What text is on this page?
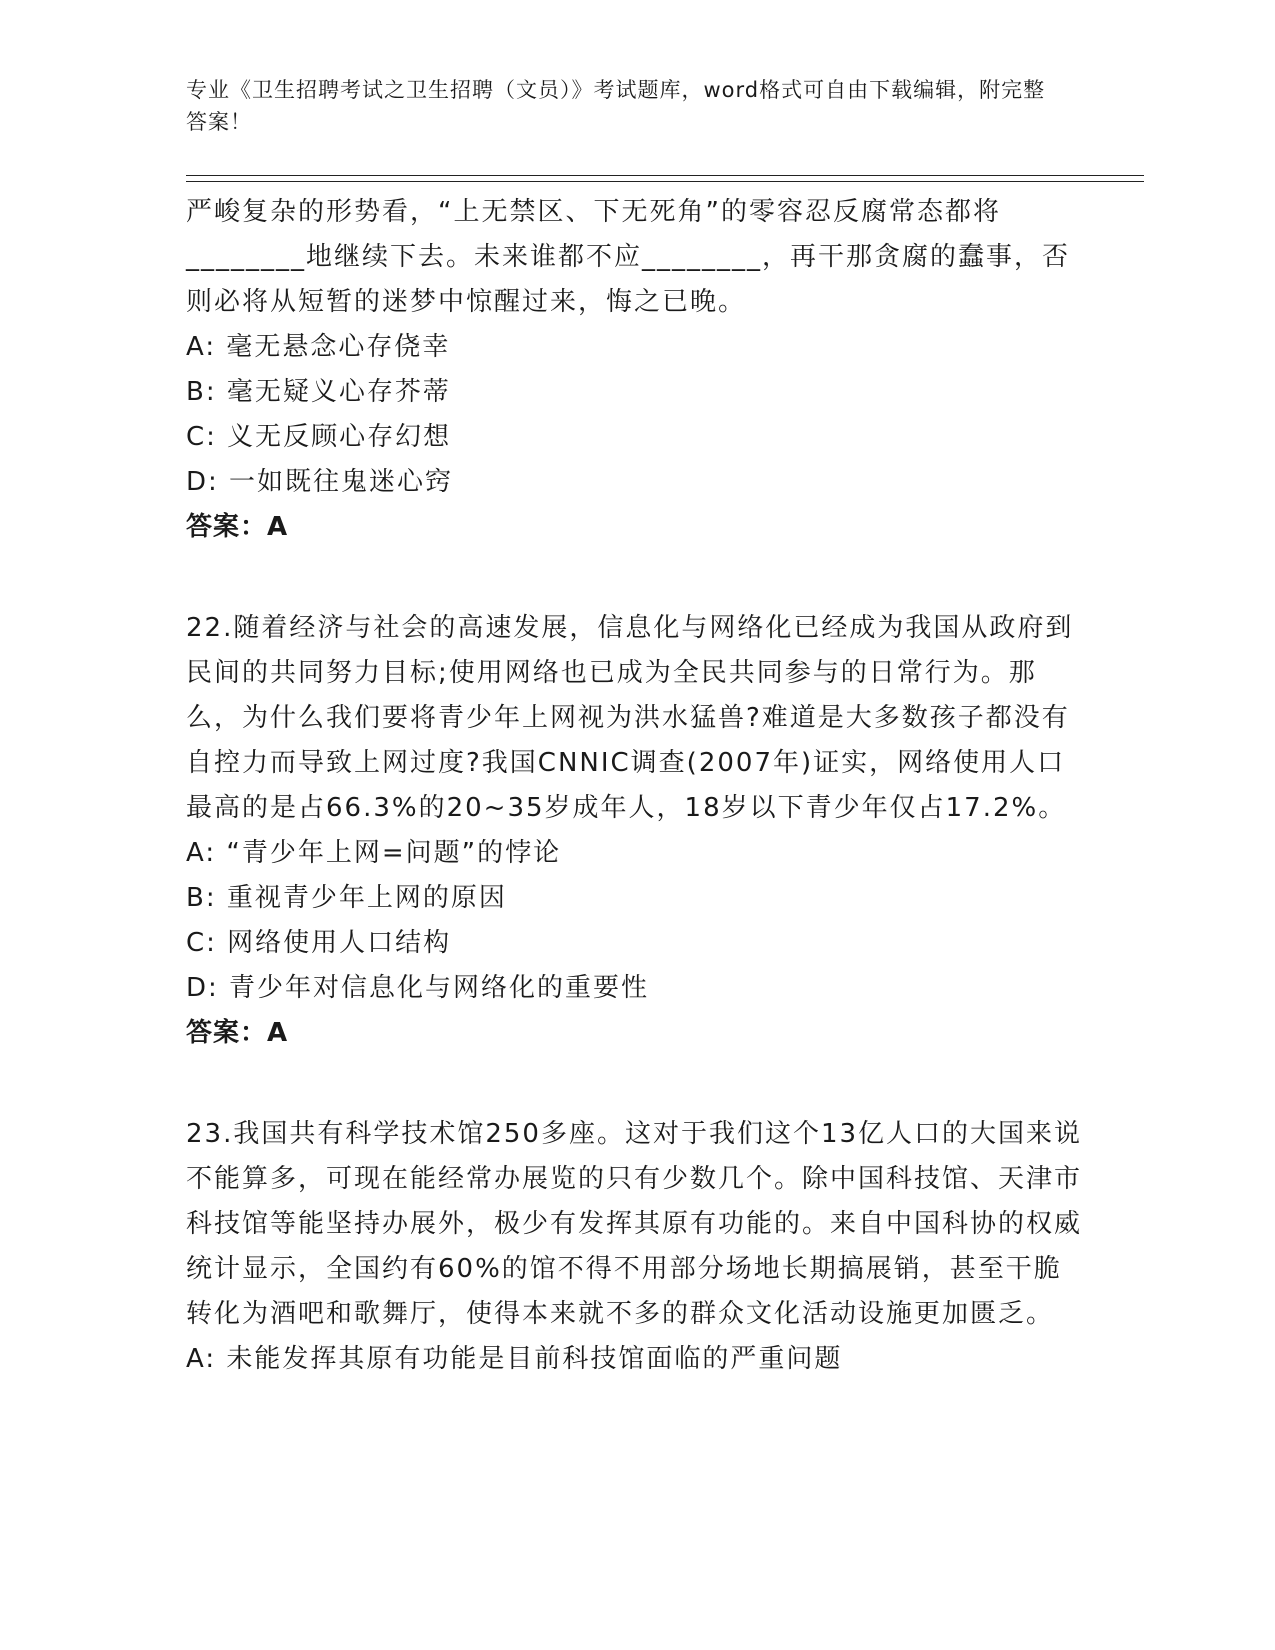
专业《卫生招聘考试之卫生招聘（文员）》考试题库，word格式可自由下载编辑，附完整答案！

严峻复杂的形势看，“上无禁区、下无死角”的零容忍反腐常态都将________地继续下去。未来谁都不应________，再干那贪腐的蠢事，否则必将从短暂的迷梦中惊醒过来，悔之已晚。

A: 毫无悬念心存侥幸

B: 毫无疑义心存芥蒂

C: 义无反顾心存幻想

D: 一如既往鬼迷心窍

答案：A

22.随着经济与社会的高速发展，信息化与网络化已经成为我国从政府到民间的共同努力目标;使用网络也已成为全民共同参与的日常行为。那么，为什么我们要将青少年上网视为洪水猛兽?难道是大多数孩子都没有自控力而导致上网过度?我国CNNIC调查(2007年)证实，网络使用人口最高的是占66.3%的20~35岁成年人，18岁以下青少年仅占17.2%。

A: “青少年上网=问题”的悖论

B: 重视青少年上网的原因

C: 网络使用人口结构

D: 青少年对信息化与网络化的重要性

答案：A

23.我国共有科学技术馆250多座。这对于我们这个13亿人口的大国来说不能算多，可现在能经常办展览的只有少数几个。除中国科技馆、天津市科技馆等能坚持办展外，极少有发挥其原有功能的。来自中国科协的权威统计显示，全国约有60%的馆不得不用部分场地长期搞展销，甚至干脆转化为酒吧和歌舞厅，使得本来就不多的群众文化活动设施更加匮乏。

A: 未能发挥其原有功能是目前科技馆面临的严重问题
